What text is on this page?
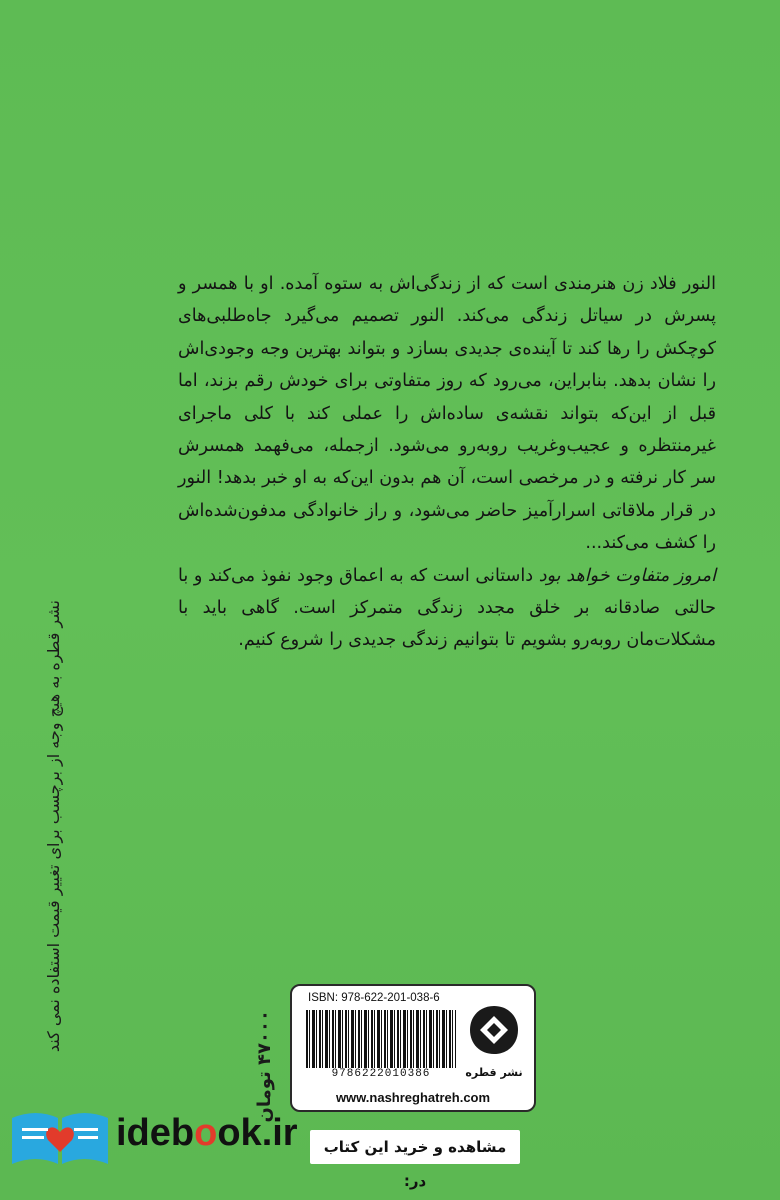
النور فلاد زن هنرمندی است که از زندگی‌اش به ستوه آمده. او با همسر و پسرش در سیاتل زندگی می‌کند. النور تصمیم می‌گیرد جاه‌طلبی‌های کوچکش را رها کند تا آینده‌ی جدیدی بسازد و بتواند بهترین وجه وجودی‌اش را نشان بدهد. بنابراین، می‌رود که روز متفاوتی برای خودش رقم بزند، اما قبل از این‌که بتواند نقشه‌ی ساده‌اش را عملی کند با کلی ماجرای غیرمنتظره و عجیب‌وغریب روبه‌رو می‌شود. ازجمله، می‌فهمد همسرش سر کار نرفته و در مرخصی است، آن هم بدون این‌که به او خبر بدهد! النور در قرار ملاقاتی اسرارآمیز حاضر می‌شود، و راز خانوادگی مدفون‌شده‌اش را کشف می‌کند...

امروز متفاوت خواهد بود داستانی است که به اعماق وجود نفوذ می‌کند و با حالتی صادقانه بر خلق مجدد زندگی متمرکز است. گاهی باید با مشکلات‌مان روبه‌رو بشویم تا بتوانیم زندگی جدیدی را شروع کنیم.

نشر قطره به هیچ وجه از برچسب برای تغییر قیمت استفاده نمی کند
۴۷۰۰۰ تومان
ISBN: 978-622-201-038-6
9786222010386	نشر قطره
www.nashreghatreh.com
idebook.ir	مشاهده و خرید این کتاب در:
